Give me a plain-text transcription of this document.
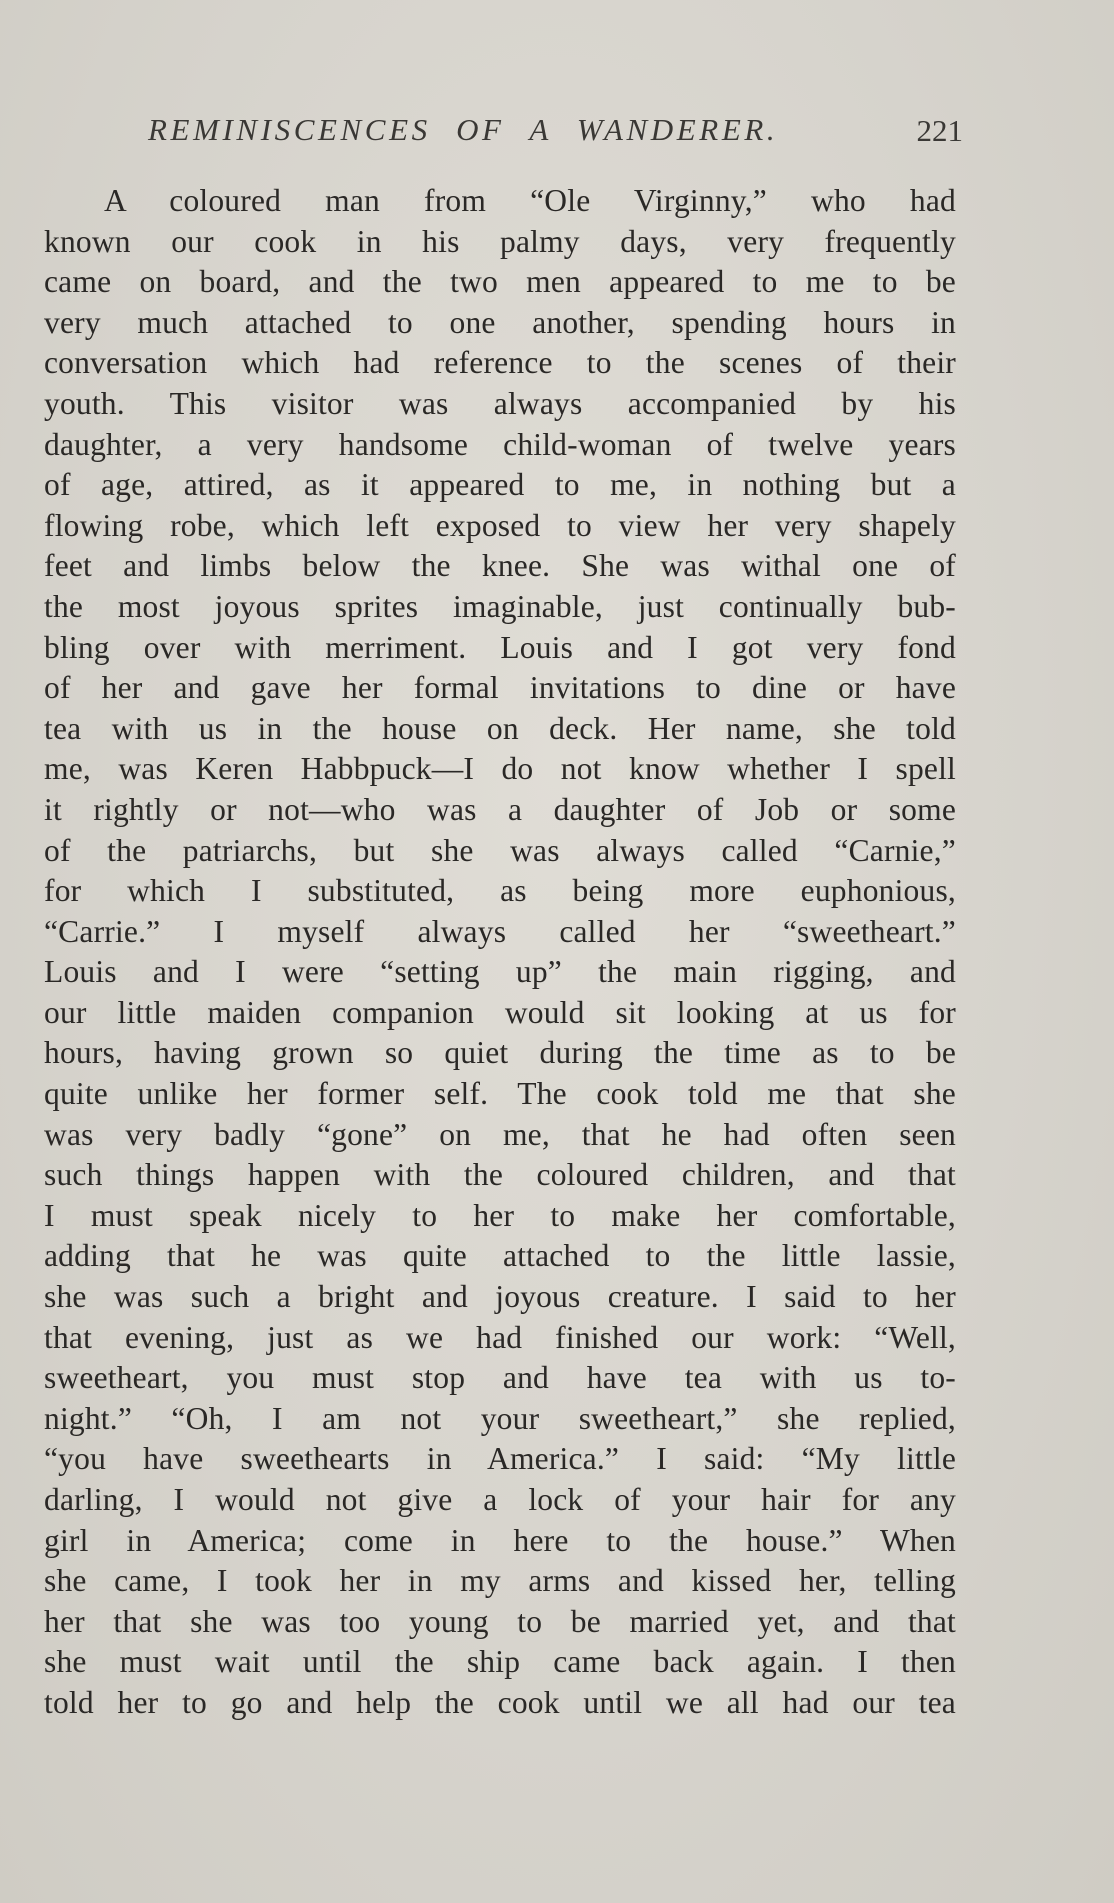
REMINISCENCES OF A WANDERER.	221
A coloured man from “Ole Virginny,” who had
known our cook in his palmy days, very frequently
came on board, and the two men appeared to me to be
very much attached to one another, spending hours in
conversation which had reference to the scenes of their
youth. This visitor was always accompanied by his
daughter, a very handsome child-woman of twelve years
of age, attired, as it appeared to me, in nothing but a
flowing robe, which left exposed to view her very shapely
feet and limbs below the knee. She was withal one of
the most joyous sprites imaginable, just continually bub-
bling over with merriment. Louis and I got very fond
of her and gave her formal invitations to dine or have
tea with us in the house on deck. Her name, she told
me, was Keren Habbpuck—I do not know whether I spell
it rightly or not—who was a daughter of Job or some
of the patriarchs, but she was always called “Carnie,”
for which I substituted, as being more euphonious,
“Carrie.” I myself always called her “sweetheart.”
Louis and I were “setting up” the main rigging, and
our little maiden companion would sit looking at us for
hours, having grown so quiet during the time as to be
quite unlike her former self. The cook told me that she
was very badly “gone” on me, that he had often seen
such things happen with the coloured children, and that
I must speak nicely to her to make her comfortable,
adding that he was quite attached to the little lassie,
she was such a bright and joyous creature. I said to her
that evening, just as we had finished our work: “Well,
sweetheart, you must stop and have tea with us to-
night.” “Oh, I am not your sweetheart,” she replied,
“you have sweethearts in America.” I said: “My little
darling, I would not give a lock of your hair for any
girl in America; come in here to the house.” When
she came, I took her in my arms and kissed her, telling
her that she was too young to be married yet, and that
she must wait until the ship came back again. I then
told her to go and help the cook until we all had our tea
